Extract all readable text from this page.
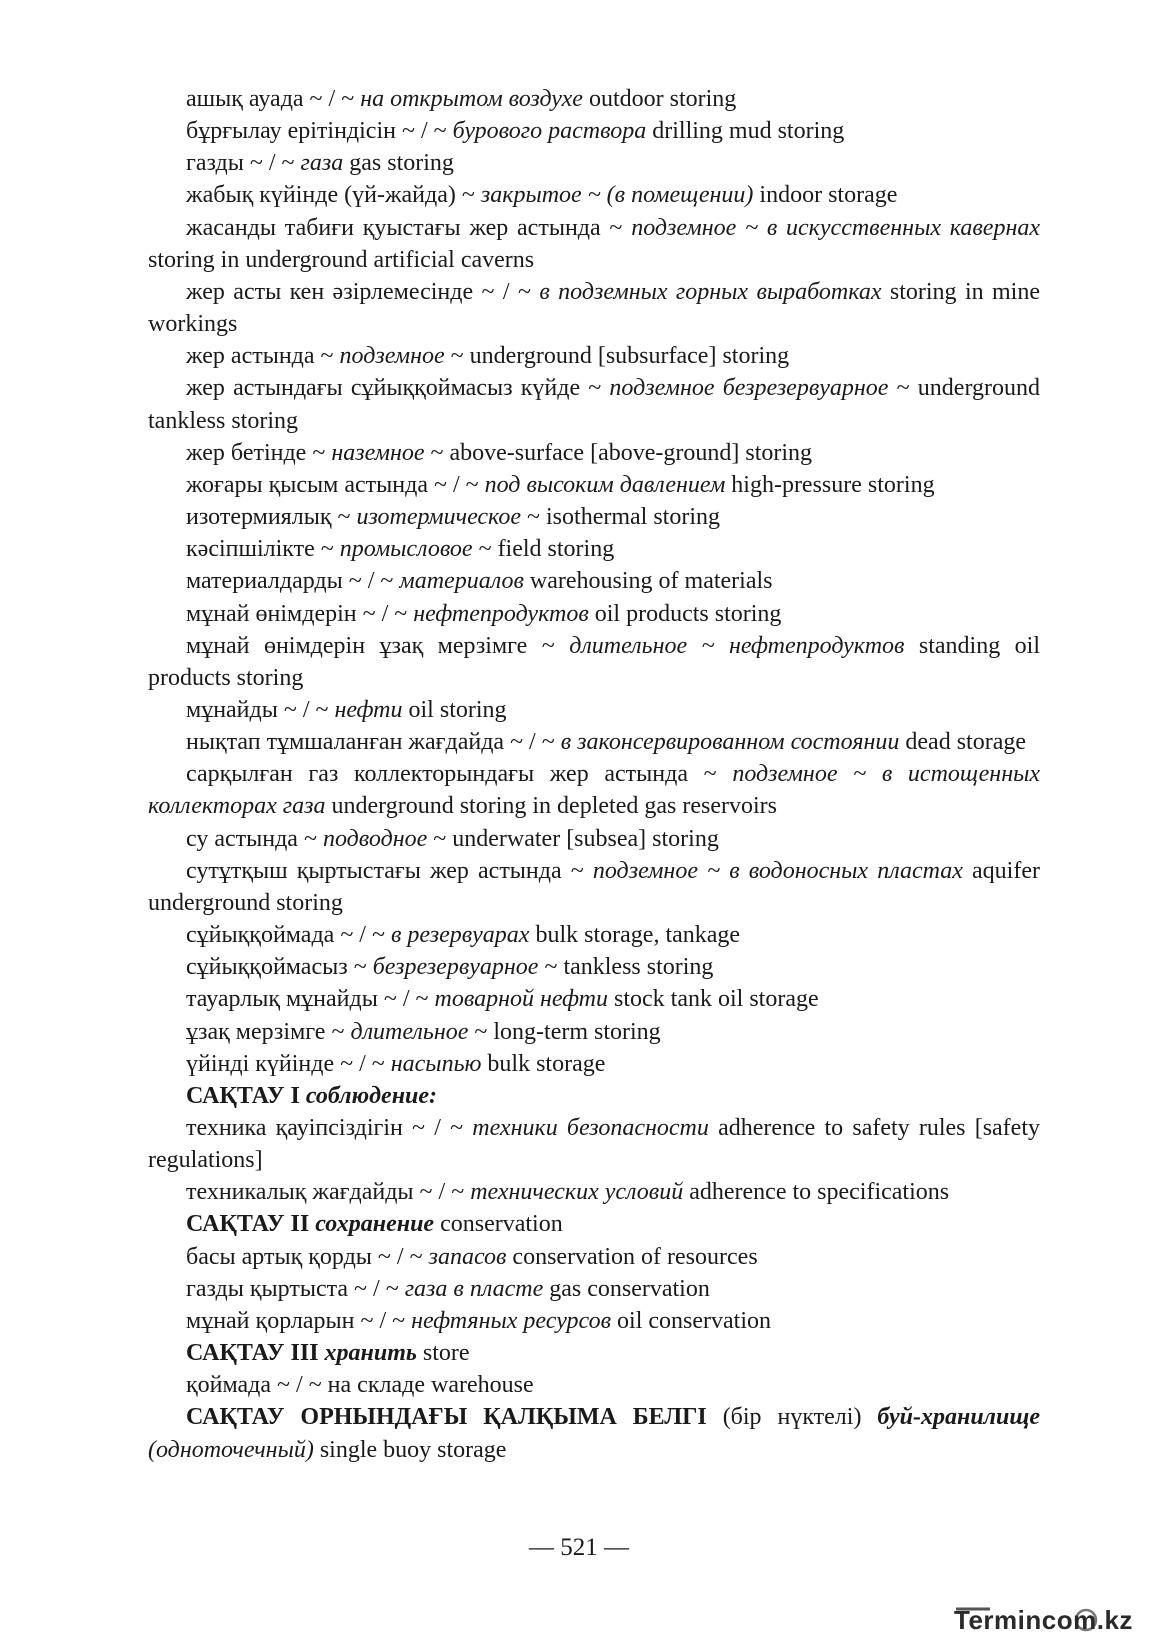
ашық ауада ~ / ~ на открытом воздухе outdoor storing

бұрғылау ерітіндісін ~ / ~ бурового раствора drilling mud storing

газды ~ / ~ газа gas storing

жабық күйінде (үй-жайда) ~ закрытое ~ (в помещении) indoor storage

жасанды табиғи қуыстағы жер астында ~ подземное ~ в искусственных кавернах storing in underground artificial caverns

жер асты кен әзірлемесінде ~ / ~ в подземных горных выработках storing in mine workings

жер астында ~ подземное ~ underground [subsurface] storing

жер астындағы сұйыққоймасыз күйде ~ подземное безрезервуарное ~ underground tankless storing

жер бетінде ~ наземное ~ above-surface [above-ground] storing

жоғары қысым астында ~ / ~ под высоким давлением high-pressure storing

изотермиялық ~ изотермическое ~ isothermal storing

кәсіпшілікте ~ промысловое ~ field storing

материалдарды ~ / ~ материалов warehousing of materials

мұнай өнімдерін ~ / ~ нефтепродуктов oil products storing

мұнай өнімдерін ұзақ мерзімге ~ длительное ~ нефтепродуктов standing oil products storing

мұнайды ~ / ~ нефти oil storing

нықтап тұмшаланған жағдайда ~ / ~ в законсервированном состоянии dead storage

сарқылған газ коллекторындағы жер астында ~ подземное ~ в истощенных коллекторах газа underground storing in depleted gas reservoirs

су астында ~ подводное ~ underwater [subsea] storing

сутұтқыш қыртыстағы жер астында ~ подземное ~ в водоносных пластах aquifer underground storing

сұйыққоймада ~ / ~ в резервуарах bulk storage, tankage

сұйыққоймасыз ~ безрезервуарное ~ tankless storing

тауарлық мұнайды ~ / ~ товарной нефти stock tank oil storage

ұзақ мерзімге ~ длительное ~ long-term storing

үйінді күйінде ~ / ~ насыпью bulk storage

САҚТАУ I соблюдение:

техника қауіпсіздігін ~ / ~ техники безопасности adherence to safety rules [safety regulations]

техникалық жағдайды ~ / ~ технических условий adherence to specifications

САҚТАУ II сохранение conservation

басы артық қорды ~ / ~ запасов conservation of resources

газды қыртыста ~ / ~ газа в пласте gas conservation

мұнай қорларын ~ / ~ нефтяных ресурсов oil conservation

САҚТАУ III хранить store

қоймада ~ / ~ на складе warehouse

САҚТАУ ОРНЫНДАҒЫ ҚАЛҚЫМА БЕЛГІ (бір нүктелі) буй-хранилище (одноточечный) single buoy storage

— 521 —
Termincom.kz
